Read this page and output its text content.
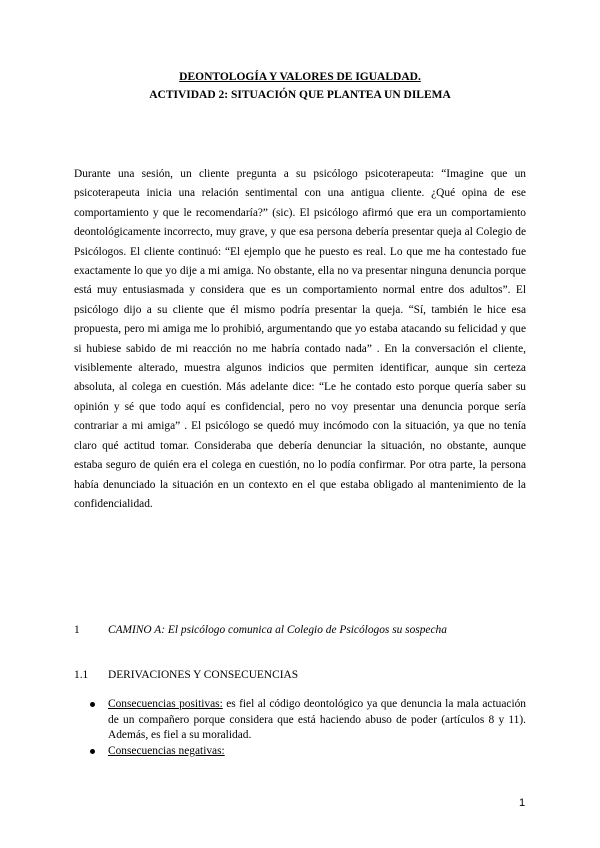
DEONTOLOGÍA Y VALORES DE IGUALDAD.
ACTIVIDAD 2: SITUACIÓN QUE PLANTEA UN DILEMA
Durante una sesión, un cliente pregunta a su psicólogo psicoterapeuta: “Imagine que un psicoterapeuta inicia una relación sentimental con una antigua cliente. ¿Qué opina de ese comportamiento y que le recomendaría?” (sic). El psicólogo afirmó que era un comportamiento deontológicamente incorrecto, muy grave, y que esa persona debería presentar queja al Colegio de Psicólogos. El cliente continuó: “El ejemplo que he puesto es real. Lo que me ha contestado fue exactamente lo que yo dije a mi amiga. No obstante, ella no va presentar ninguna denuncia porque está muy entusiasmada y considera que es un comportamiento normal entre dos adultos”. El psicólogo dijo a su cliente que él mismo podría presentar la queja. “Sí, también le hice esa propuesta, pero mi amiga me lo prohibió, argumentando que yo estaba atacando su felicidad y que si hubiese sabido de mi reacción no me habría contado nada” . En la conversación el cliente, visiblemente alterado, muestra algunos indicios que permiten identificar, aunque sin certeza absoluta, al colega en cuestión. Más adelante dice: “Le he contado esto porque quería saber su opinión y sé que todo aquí es confidencial, pero no voy presentar una denuncia porque sería contrariar a mi amiga” . El psicólogo se quedó muy incómodo con la situación, ya que no tenía claro qué actitud tomar. Consideraba que debería denunciar la situación, no obstante, aunque estaba seguro de quién era el colega en cuestión, no lo podía confirmar. Por otra parte, la persona había denunciado la situación en un contexto en el que estaba obligado al mantenimiento de la confidencialidad.
1 CAMINO A: El psicólogo comunica al Colegio de Psicólogos su sospecha
1.1 DERIVACIONES Y CONSECUENCIAS
Consecuencias positivas: es fiel al código deontológico ya que denuncia la mala actuación de un compañero porque considera que está haciendo abuso de poder (artículos 8 y 11). Además, es fiel a su moralidad.
Consecuencias negativas:
1
